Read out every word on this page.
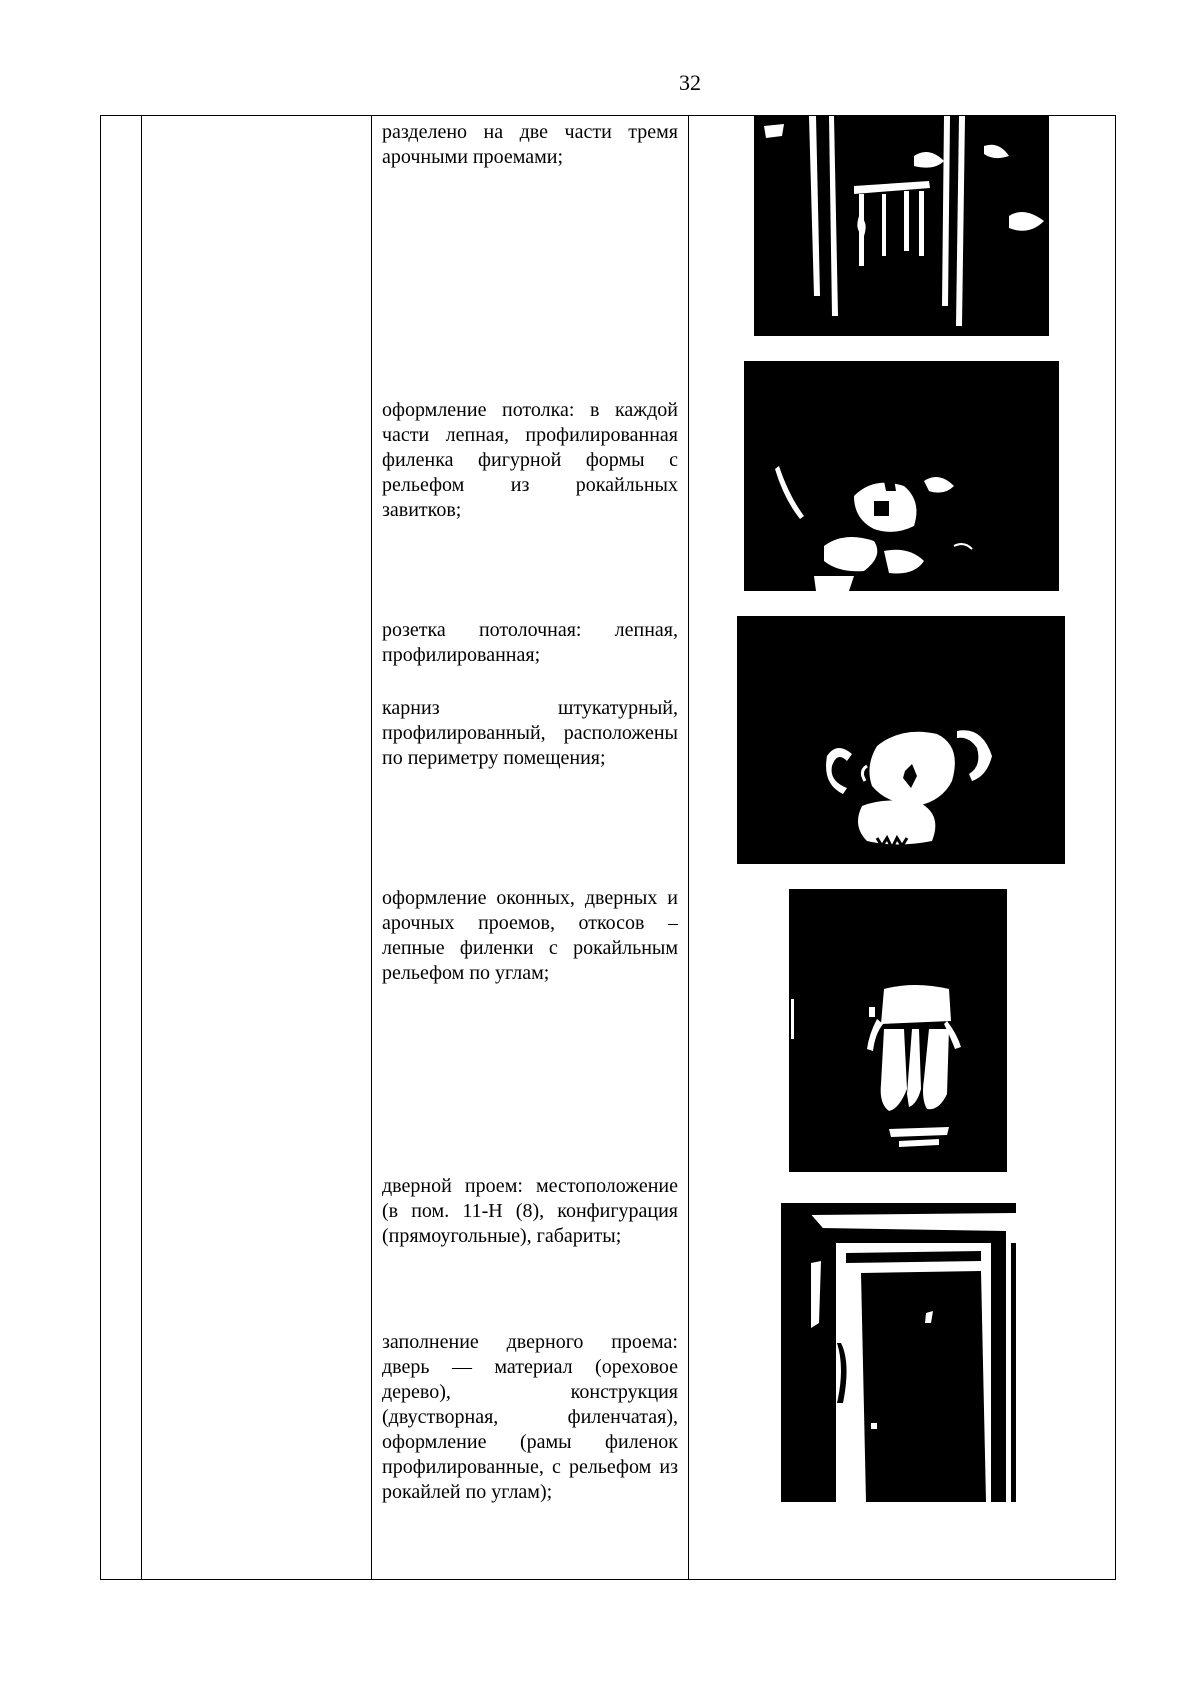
32

разделено на две части тремя арочными проемами;
оформление потолка: в каждой части лепная, профилированная филенка фигурной формы с рельефом из рокайльных завитков;
розетка потолочная: лепная, профилированная;
карниз штукатурный, профилированный, расположены по периметру помещения;
оформление оконных, дверных и арочных проемов, откосов – лепные филенки с рокайльным рельефом по углам;
дверной проем: местоположение (в пом. 11-Н (8), конфигурация (прямоугольные), габариты;
заполнение дверного проема: дверь — материал (ореховое дерево), конструкция (двустворная, филенчатая), оформление (рамы филенок профилированные, с рельефом из рокайлей по углам);
